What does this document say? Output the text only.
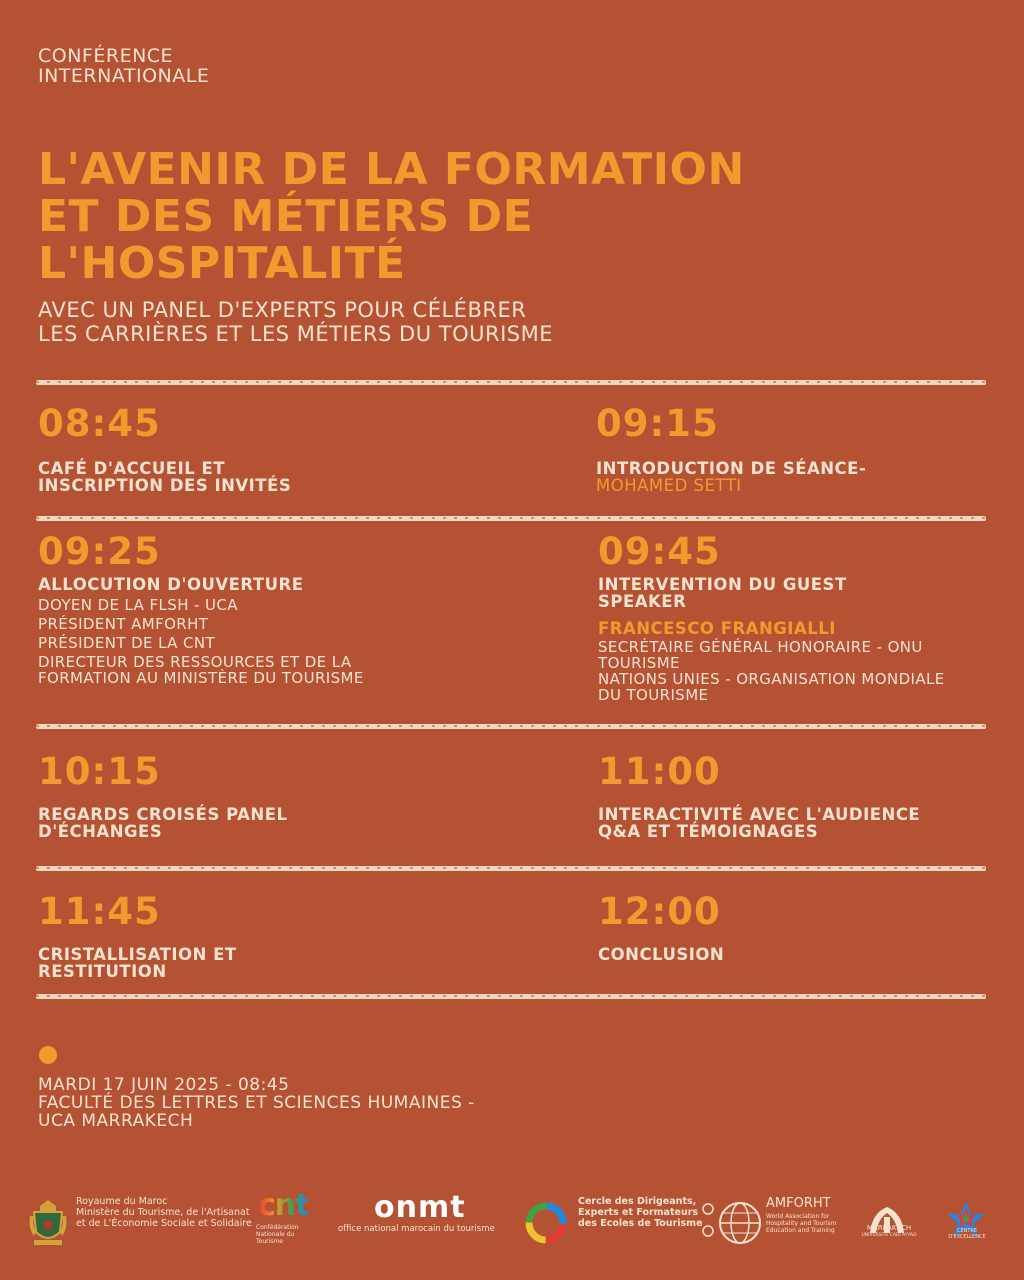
CONFÉRENCE
INTERNATIONALE
L'AVENIR DE LA FORMATION
ET DES MÉTIERS DE
L'HOSPITALITÉ
AVEC UN PANEL D'EXPERTS POUR CÉLÉBRER
LES CARRIÈRES ET LES MÉTIERS DU TOURISME
08:45
CAFÉ D'ACCUEIL ET
INSCRIPTION DES INVITÉS
09:15
INTRODUCTION DE SÉANCE-
MOHAMED SETTI
09:25
ALLOCUTION D'OUVERTURE
DOYEN DE LA FLSH - UCA
PRÉSIDENT AMFORHT
PRÉSIDENT DE LA CNT
DIRECTEUR DES RESSOURCES ET DE LA
FORMATION AU MINISTÈRE DU TOURISME
09:45
INTERVENTION DU GUEST
SPEAKER
FRANCESCO FRANGIALLI
SECRÉTAIRE GÉNÉRAL HONORAIRE - ONU
TOURISME
NATIONS UNIES - ORGANISATION MONDIALE
DU TOURISME
10:15
REGARDS CROISÉS PANEL
D'ÉCHANGES
11:00
INTERACTIVITÉ AVEC L'AUDIENCE
Q&A ET TÉMOIGNAGES
11:45
CRISTALLISATION ET
RESTITUTION
12:00
CONCLUSION
MARDI 17 JUIN 2025 - 08:45
FACULTÉ DES LETTRES ET SCIENCES HUMAINES -
UCA MARRAKECH
Royaume du Maroc
Ministère du Tourisme, de l'Artisanat
et de L'Économie Sociale et Solidaire
cnt
Confédération Nationale du Tourisme
onmt
office national marocain du tourisme
Cercle des Dirigeants,
Experts et Formateurs
des Ecoles de Tourisme
AMFORHT
World Association for Hospitality and Tourism Education and Training	MARRAKECH
UNIVERSITÉ CADI AYYAD
CENTRE D'EXCELLENCE
